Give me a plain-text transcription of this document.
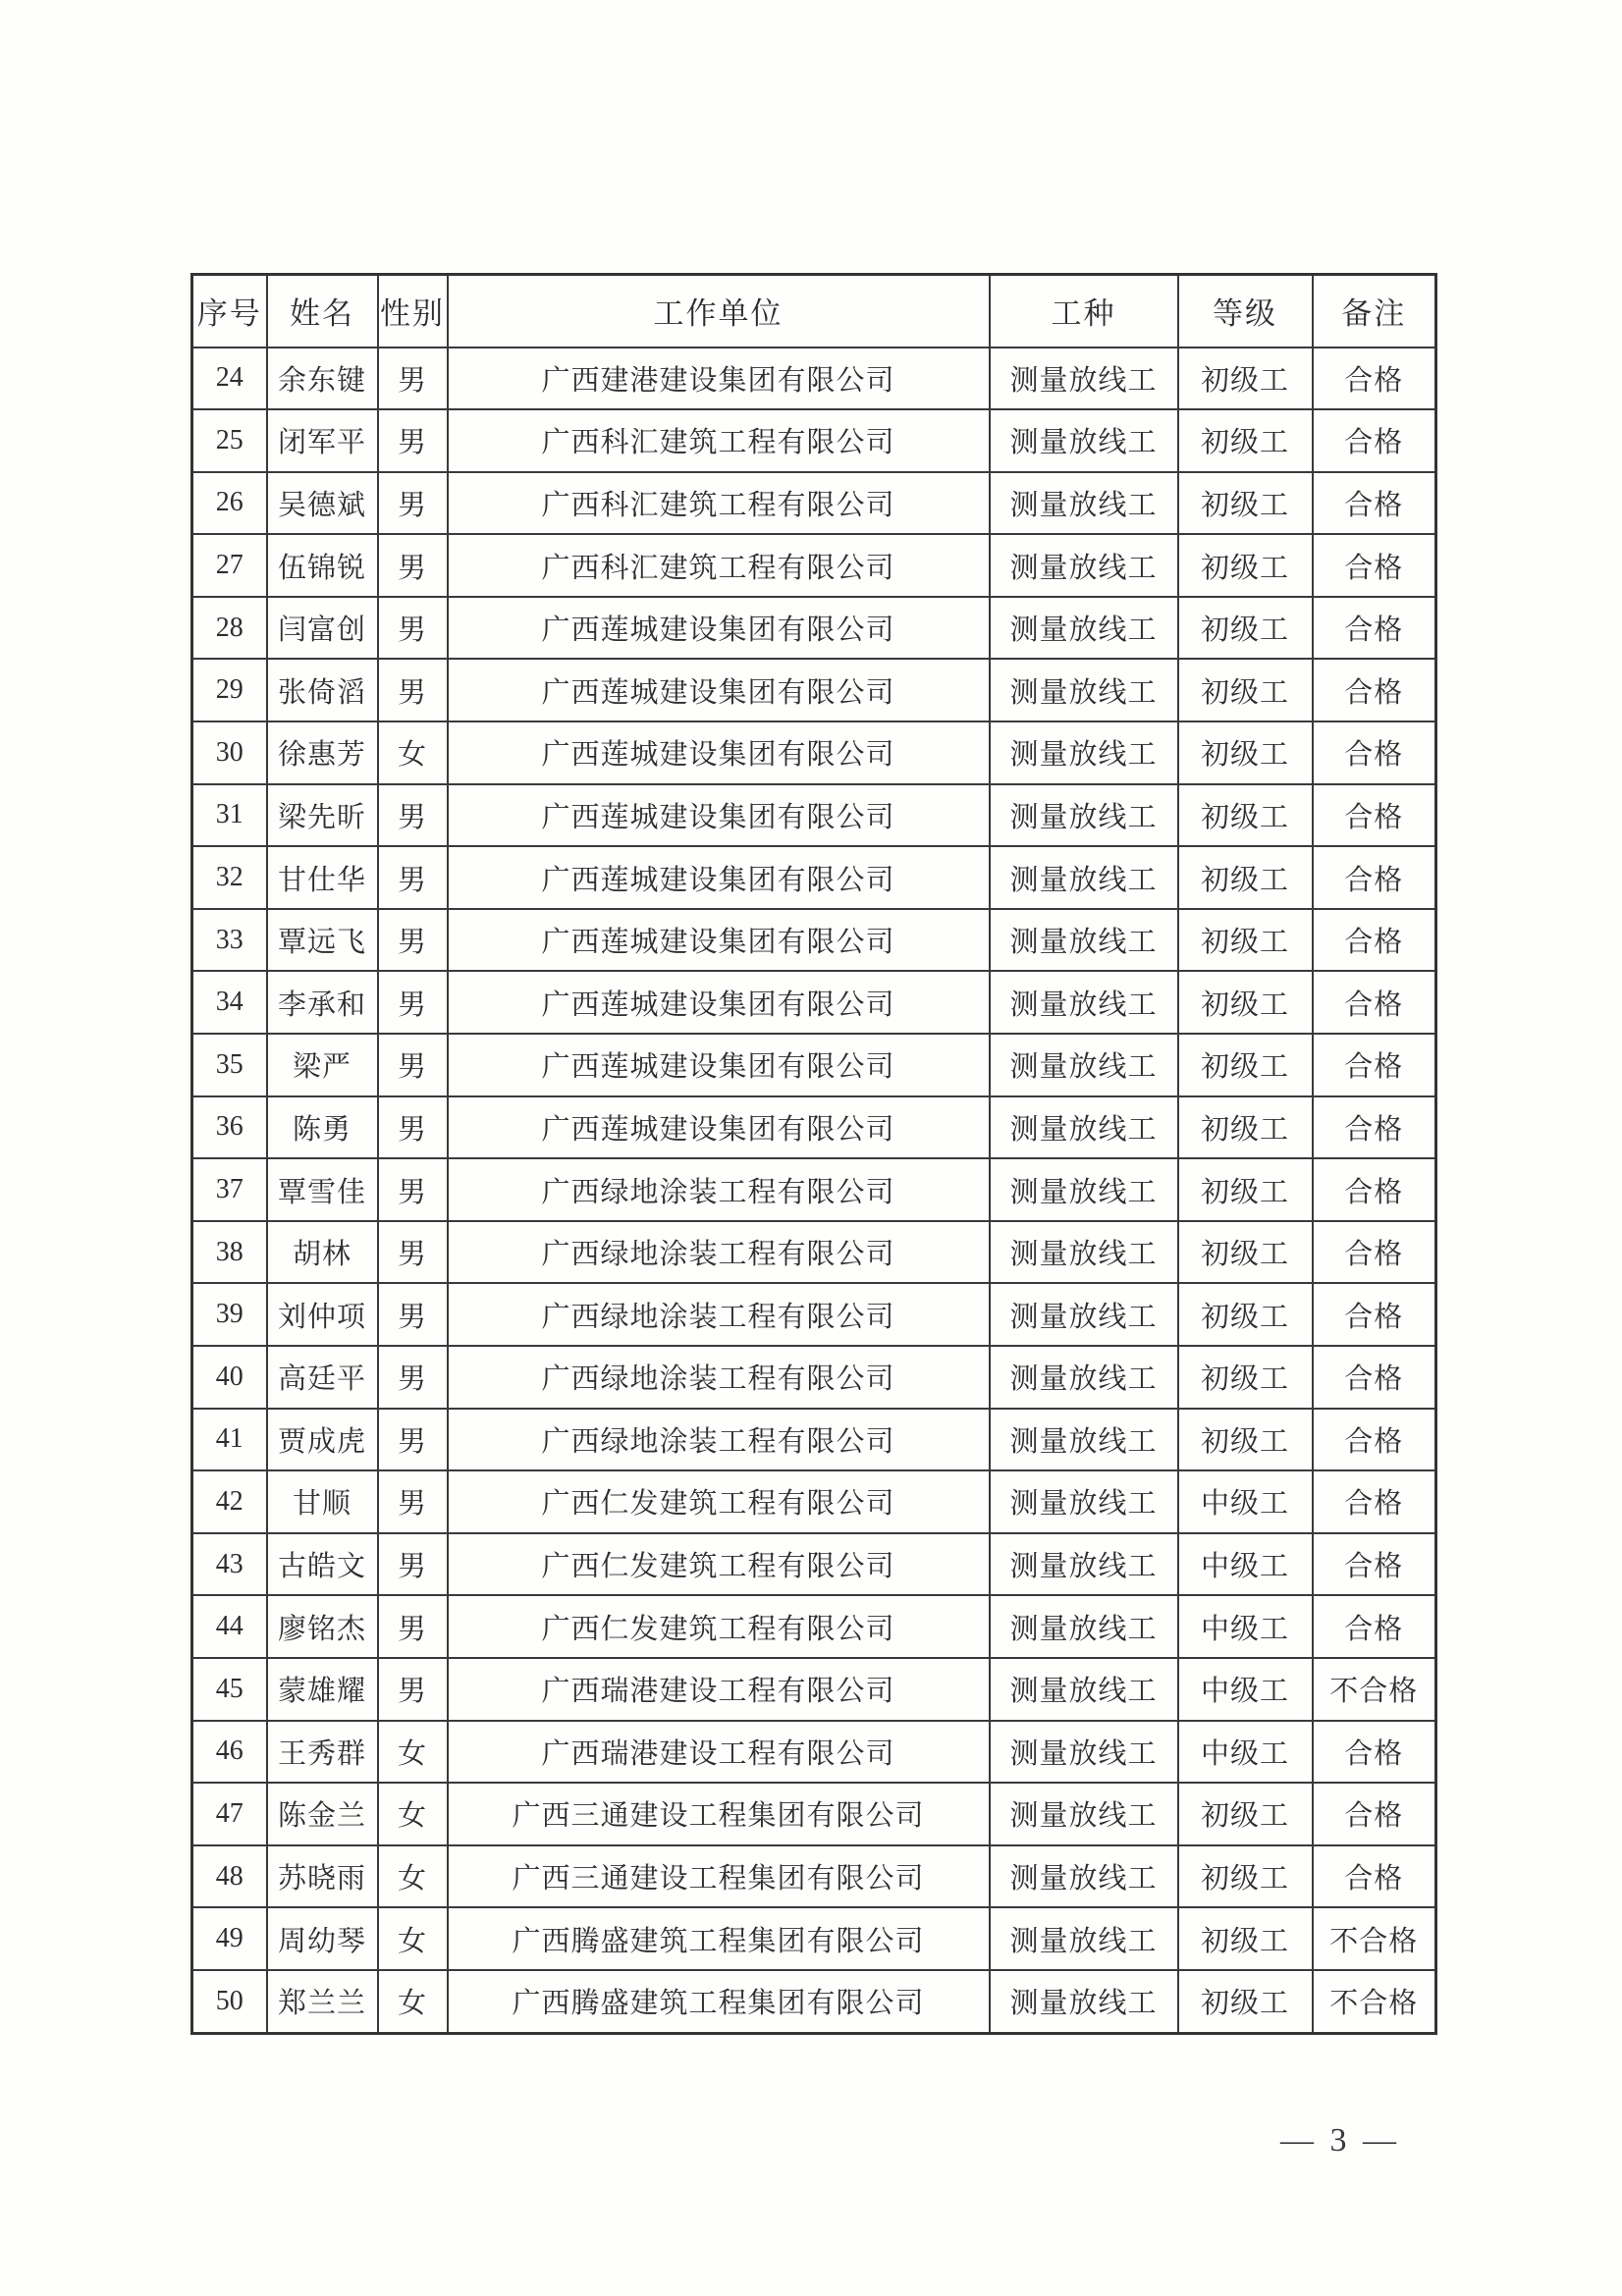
序号	姓名	性别	工作单位	工种	等级	备注
24	余东键	男	广西建港建设集团有限公司	测量放线工	初级工	合格
25	闭军平	男	广西科汇建筑工程有限公司	测量放线工	初级工	合格
26	吴德斌	男	广西科汇建筑工程有限公司	测量放线工	初级工	合格
27	伍锦锐	男	广西科汇建筑工程有限公司	测量放线工	初级工	合格
28	闫富创	男	广西莲城建设集团有限公司	测量放线工	初级工	合格
29	张倚滔	男	广西莲城建设集团有限公司	测量放线工	初级工	合格
30	徐惠芳	女	广西莲城建设集团有限公司	测量放线工	初级工	合格
31	梁先昕	男	广西莲城建设集团有限公司	测量放线工	初级工	合格
32	甘仕华	男	广西莲城建设集团有限公司	测量放线工	初级工	合格
33	覃远飞	男	广西莲城建设集团有限公司	测量放线工	初级工	合格
34	李承和	男	广西莲城建设集团有限公司	测量放线工	初级工	合格
35	梁严	男	广西莲城建设集团有限公司	测量放线工	初级工	合格
36	陈勇	男	广西莲城建设集团有限公司	测量放线工	初级工	合格
37	覃雪佳	男	广西绿地涂装工程有限公司	测量放线工	初级工	合格
38	胡林	男	广西绿地涂装工程有限公司	测量放线工	初级工	合格
39	刘仲项	男	广西绿地涂装工程有限公司	测量放线工	初级工	合格
40	高廷平	男	广西绿地涂装工程有限公司	测量放线工	初级工	合格
41	贾成虎	男	广西绿地涂装工程有限公司	测量放线工	初级工	合格
42	甘顺	男	广西仁发建筑工程有限公司	测量放线工	中级工	合格
43	古皓文	男	广西仁发建筑工程有限公司	测量放线工	中级工	合格
44	廖铭杰	男	广西仁发建筑工程有限公司	测量放线工	中级工	合格
45	蒙雄耀	男	广西瑞港建设工程有限公司	测量放线工	中级工	不合格
46	王秀群	女	广西瑞港建设工程有限公司	测量放线工	中级工	合格
47	陈金兰	女	广西三通建设工程集团有限公司	测量放线工	初级工	合格
48	苏晓雨	女	广西三通建设工程集团有限公司	测量放线工	初级工	合格
49	周幼琴	女	广西腾盛建筑工程集团有限公司	测量放线工	初级工	不合格
50	郑兰兰	女	广西腾盛建筑工程集团有限公司	测量放线工	初级工	不合格
— 3 —
